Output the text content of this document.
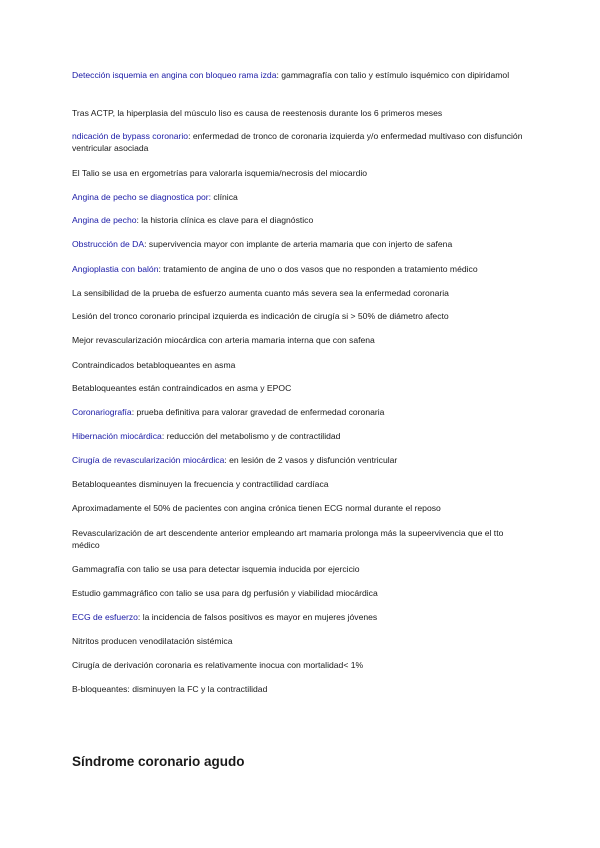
Detección isquemia en angina con bloqueo rama izda: gammagrafía con talio y estímulo isquémico con dipiridamol

Tras ACTP, la hiperplasia del músculo liso es causa de reestenosis durante los 6 primeros meses

ndicación de bypass coronario: enfermedad de tronco de coronaria izquierda y/o enfermedad multivaso con disfunción ventricular asociada

El Talio se usa en ergometrías para valorarla isquemia/necrosis del miocardio

Angina de pecho se diagnostica por: clínica

Angina de pecho: la historia clínica es clave para el diagnóstico

Obstrucción de DA: supervivencia mayor con implante de arteria mamaria que con injerto de safena

Angioplastia con balón: tratamiento de angina de uno o dos vasos que no responden a tratamiento médico

La sensibilidad de la prueba de esfuerzo aumenta cuanto más severa sea la enfermedad coronaria

Lesión del tronco coronario principal izquierda es indicación de cirugía si > 50% de diámetro afecto

Mejor revascularización miocárdica con arteria mamaria interna que con safena

Contraindicados betabloqueantes en asma

Betabloqueantes están contraindicados en asma y EPOC

Coronariografía: prueba definitiva para valorar gravedad de enfermedad coronaria

Hibernación miocárdica: reducción del metabolismo y de contractilidad

Cirugía de revascularización miocárdica: en lesión de 2 vasos y disfunción ventricular

Betabloqueantes disminuyen la frecuencia y contractilidad cardíaca

Aproximadamente el 50% de pacientes con angina crónica tienen ECG normal durante el reposo

Revascularización de art descendente anterior empleando art mamaria prolonga más la supeervivencia que el tto médico

Gammagrafía con talio se usa para detectar isquemia inducida por ejercicio

Estudio gammagráfico con talio se usa para dg perfusión y viabilidad miocárdica

ECG de esfuerzo: la incidencia de falsos positivos es mayor en mujeres jóvenes

Nitritos producen venodilatación sistémica

Cirugía de derivación coronaria es relativamente inocua con mortalidad< 1%

B-bloqueantes: disminuyen la FC y la contractilidad

Síndrome coronario agudo
